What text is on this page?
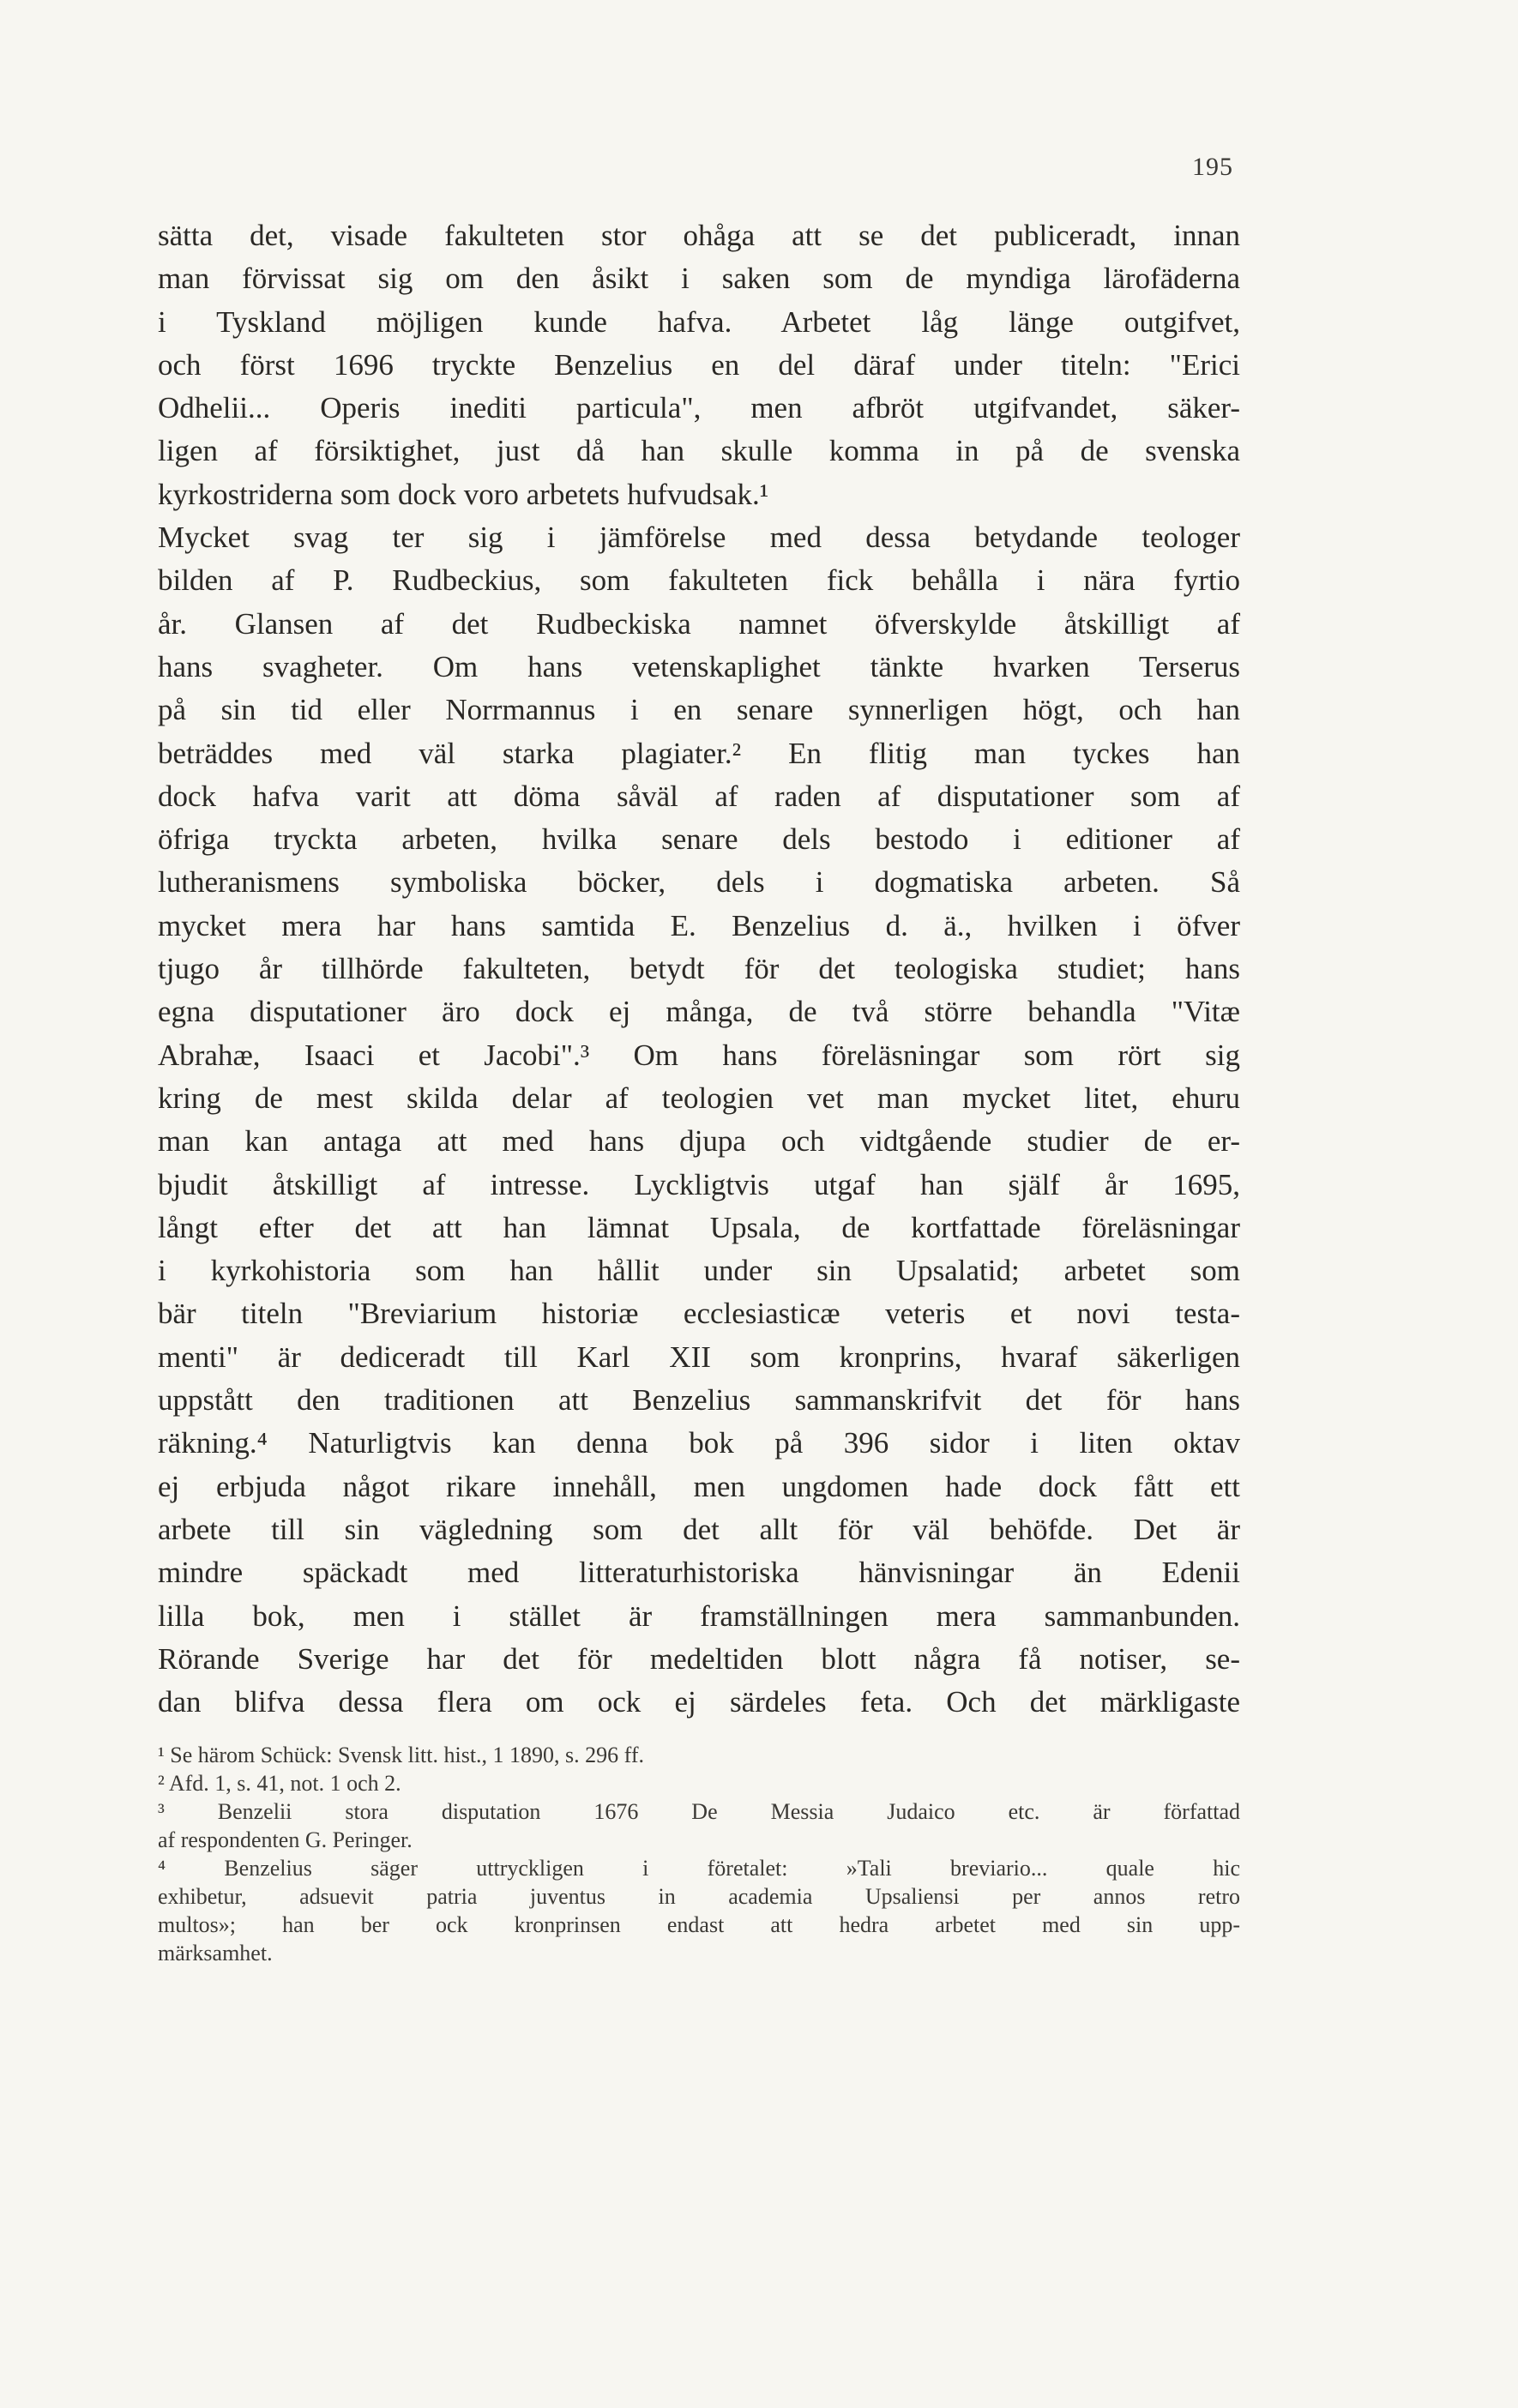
195
sätta det, visade fakulteten stor ohåga att se det publiceradt, innan
man förvissat sig om den åsikt i saken som de myndiga lärofäderna
i Tyskland möjligen kunde hafva. Arbetet låg länge outgifvet,
och först 1696 tryckte Benzelius en del däraf under titeln: "Erici
Odhelii... Operis inediti particula", men afbröt utgifvandet, säker-
ligen af försiktighet, just då han skulle komma in på de svenska
kyrkostriderna som dock voro arbetets hufvudsak.¹
Mycket svag ter sig i jämförelse med dessa betydande teologer
bilden af P. Rudbeckius, som fakulteten fick behålla i nära fyrtio
år. Glansen af det Rudbeckiska namnet öfverskylde åtskilligt af
hans svagheter. Om hans vetenskaplighet tänkte hvarken Terserus
på sin tid eller Norrmannus i en senare synnerligen högt, och han
beträddes med väl starka plagiater.² En flitig man tyckes han
dock hafva varit att döma såväl af raden af disputationer som af
öfriga tryckta arbeten, hvilka senare dels bestodo i editioner af
lutheranismens symboliska böcker, dels i dogmatiska arbeten. Så
mycket mera har hans samtida E. Benzelius d. ä., hvilken i öfver
tjugo år tillhörde fakulteten, betydt för det teologiska studiet; hans
egna disputationer äro dock ej många, de två större behandla "Vitæ
Abrahæ, Isaaci et Jacobi".³ Om hans föreläsningar som rört sig
kring de mest skilda delar af teologien vet man mycket litet, ehuru
man kan antaga att med hans djupa och vidtgående studier de er-
bjudit åtskilligt af intresse. Lyckligtvis utgaf han själf år 1695,
långt efter det att han lämnat Upsala, de kortfattade föreläsningar
i kyrkohistoria som han hållit under sin Upsalatid; arbetet som
bär titeln "Breviarium historiæ ecclesiasticæ veteris et novi testa-
menti" är dediceradt till Karl XII som kronprins, hvaraf säkerligen
uppstått den traditionen att Benzelius sammanskrifvit det för hans
räkning.⁴ Naturligtvis kan denna bok på 396 sidor i liten oktav
ej erbjuda något rikare innehåll, men ungdomen hade dock fått ett
arbete till sin vägledning som det allt för väl behöfde. Det är
mindre späckadt med litteraturhistoriska hänvisningar än Edenii
lilla bok, men i stället är framställningen mera sammanbunden.
Rörande Sverige har det för medeltiden blott några få notiser, se-
dan blifva dessa flera om ock ej särdeles feta. Och det märkligaste
¹ Se härom Schück: Svensk litt. hist., 1 1890, s. 296 ff.
² Afd. 1, s. 41, not. 1 och 2.
³ Benzelii stora disputation 1676 De Messia Judaico etc. är författad
af respondenten G. Peringer.
⁴ Benzelius säger uttryckligen i företalet: »Tali breviario... quale hic
exhibetur, adsuevit patria juventus in academia Upsaliensi per annos retro
multos»; han ber ock kronprinsen endast att hedra arbetet med sin upp-
märksamhet.
